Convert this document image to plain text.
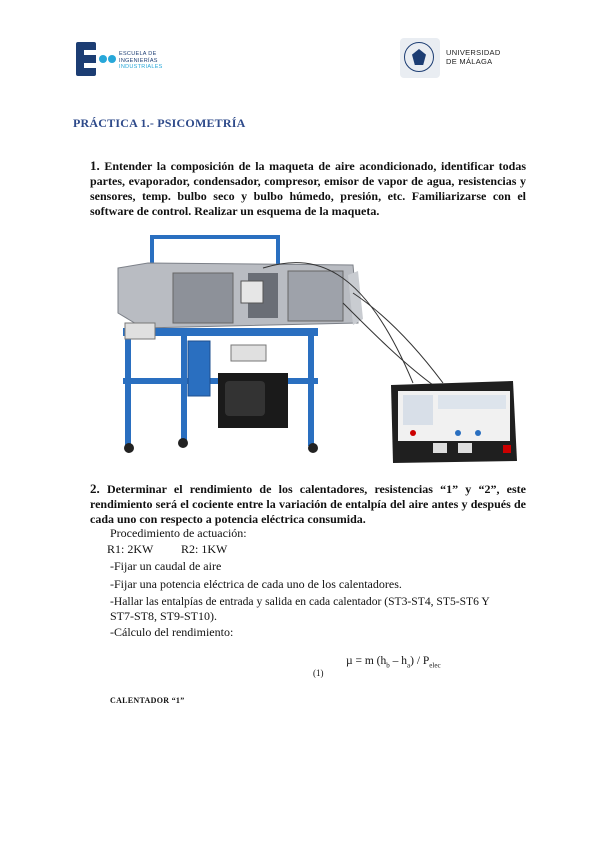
ESCUELA DE
INGENIERÍAS
INDUSTRIALES
UNIVERSIDAD
DE MÁLAGA
PRÁCTICA 1.- PSICOMETRÍA
1. Entender la composición de la maqueta de aire acondicionado, identificar todas partes, evaporador, condensador, compresor, emisor de vapor de agua, resistencias y sensores, temp. bulbo seco y bulbo húmedo, presión, etc. Familiarizarse con el software de control. Realizar un esquema de la maqueta.
2. Determinar el rendimiento de los calentadores, resistencias “1” y “2”, este rendimiento será el cociente entre la variación de entalpía del aire antes y después de cada uno con respecto a potencia eléctrica consumida.
Procedimiento de actuación:
R1: 2KW R2: 1KW
-Fijar un caudal de aire
-Fijar una potencia eléctrica de cada uno de los calentadores.
-Hallar las entalpías de entrada y salida en cada calentador (ST3-ST4, ST5-ST6 Y
ST7-ST8, ST9-ST10).
-Cálculo del rendimiento:
µ = m $(h_b - h_a) / P_{elec}$
(1)
CALENTADOR “1”
